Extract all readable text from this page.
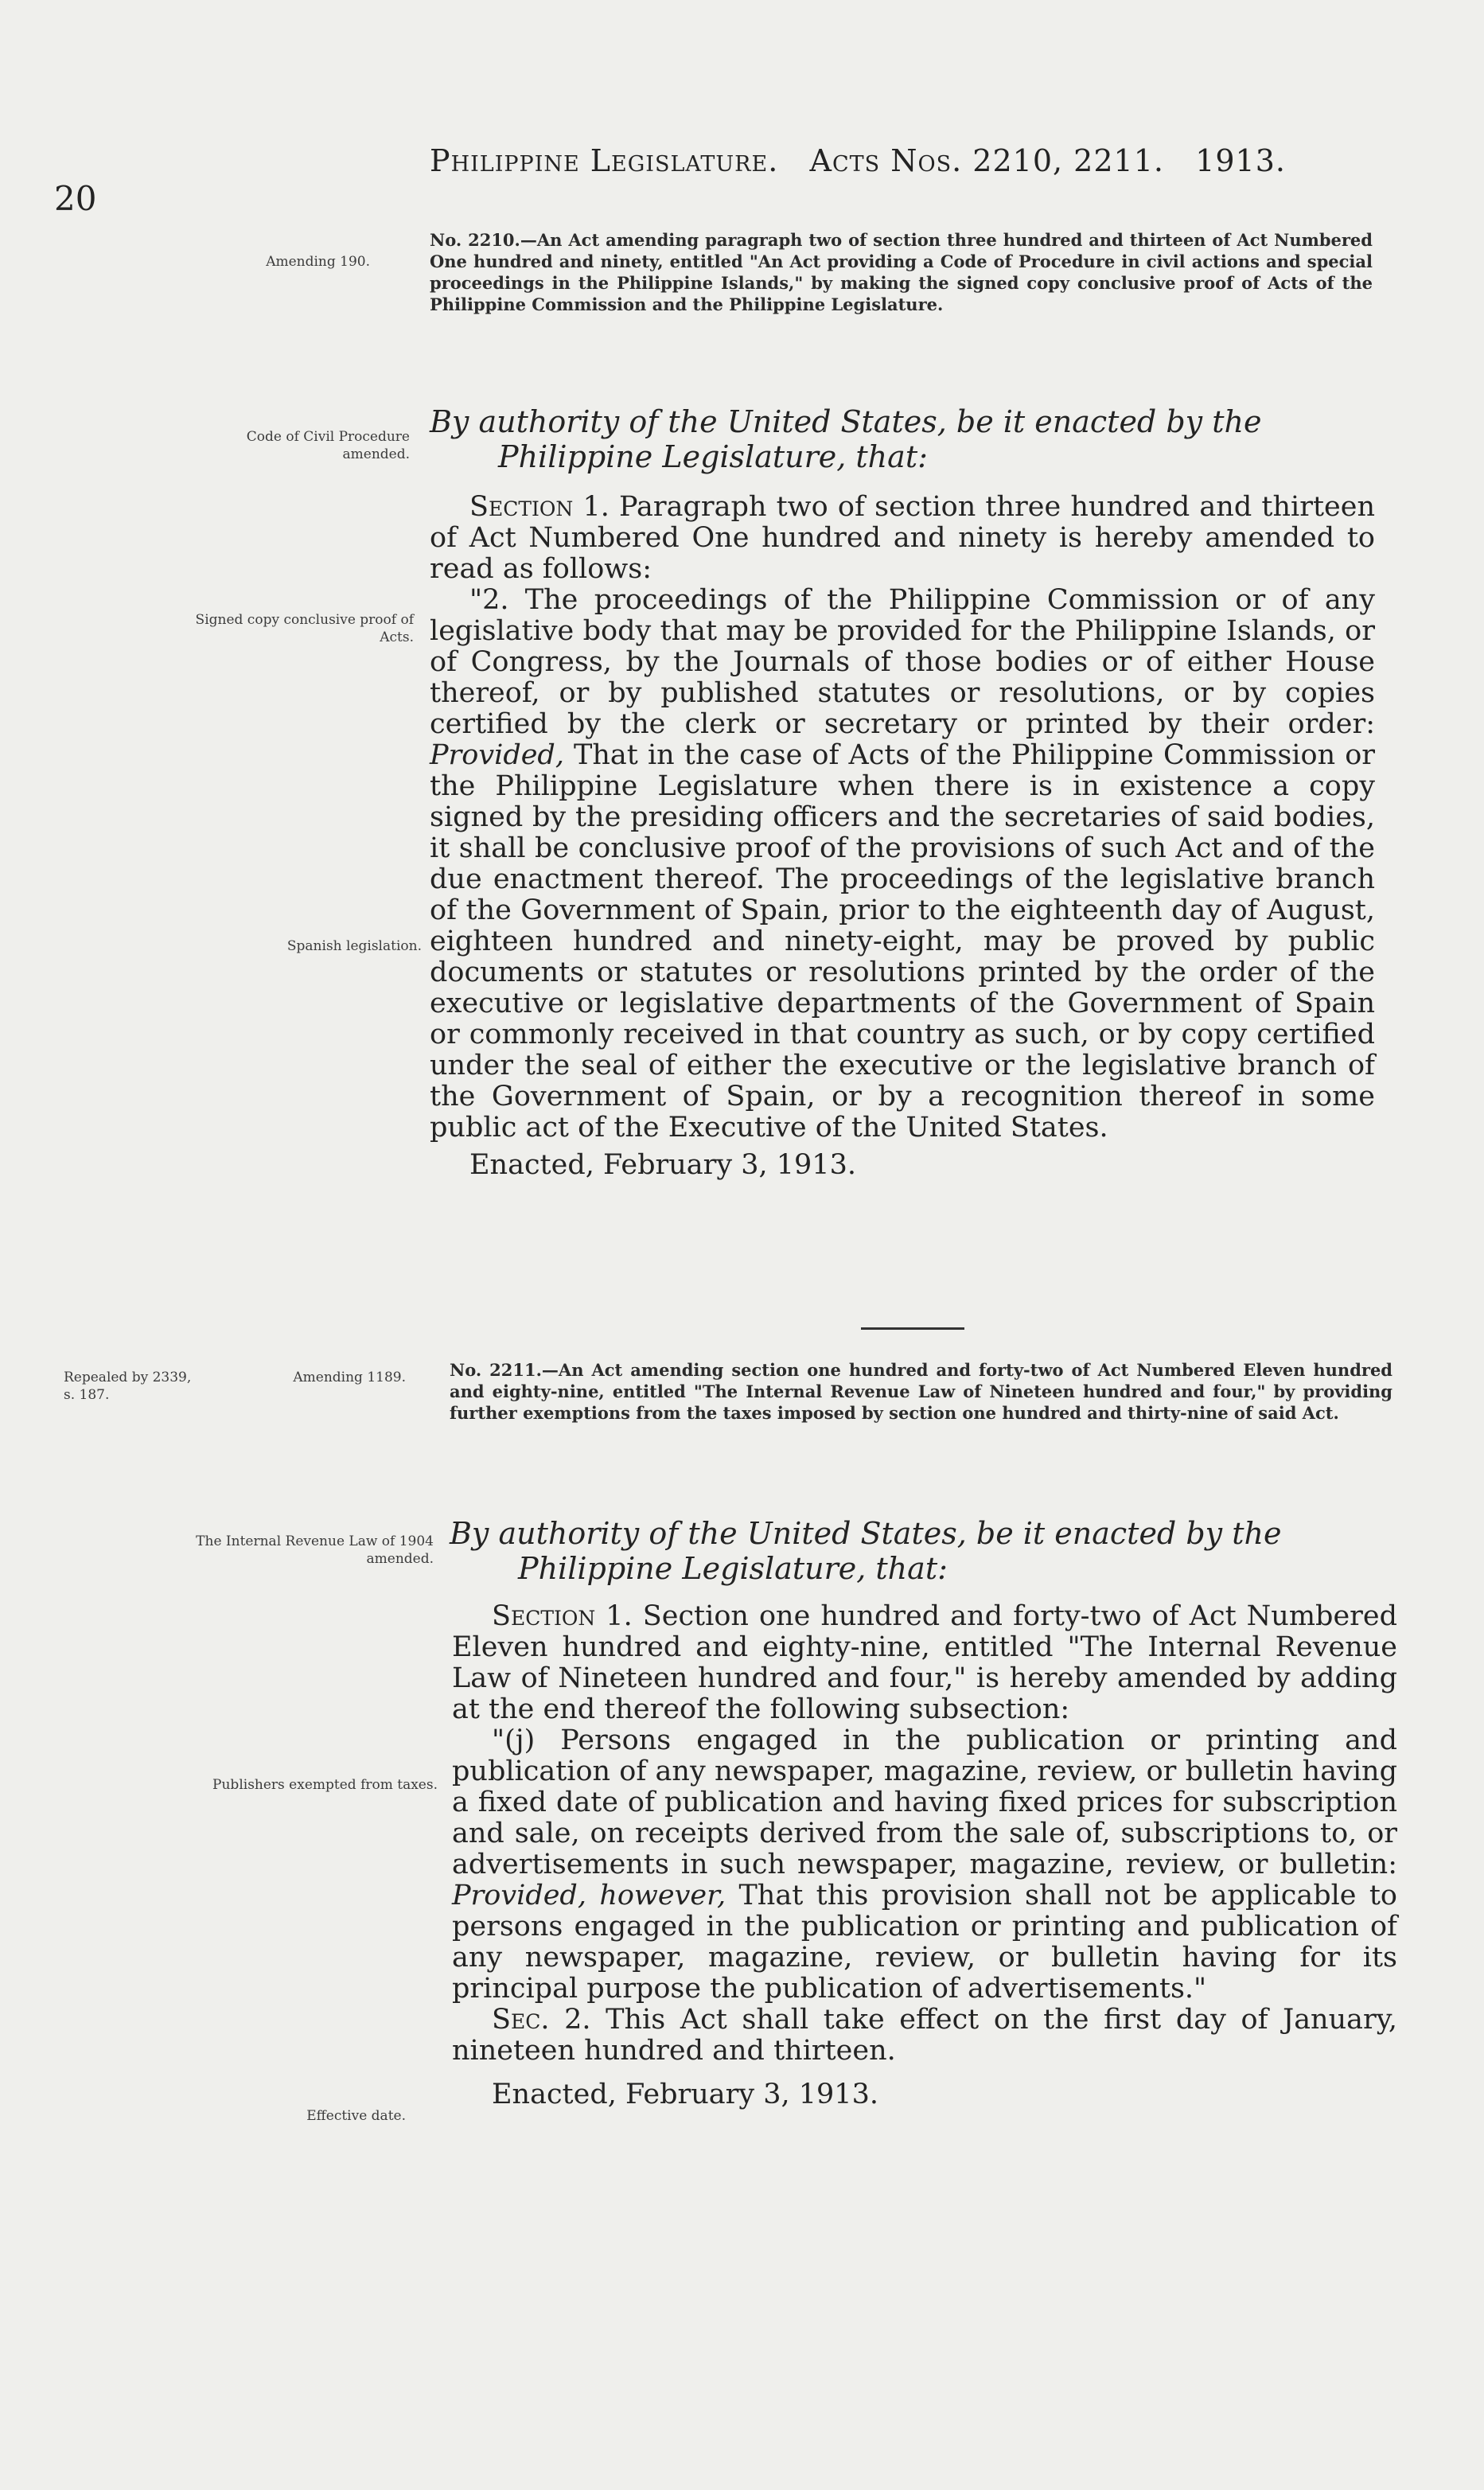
20
Philippine Legislature. Acts Nos. 2210, 2211. 1913.
Amending 190.
No. 2210.—An Act amending paragraph two of section three hundred and thirteen of Act Numbered One hundred and ninety, entitled "An Act providing a Code of Procedure in civil actions and special proceedings in the Philippine Islands," by making the signed copy conclusive proof of Acts of the Philippine Commission and the Philippine Legislature.
Code of Civil Procedure amended.
By authority of the United States, be it enacted by the
Philippine Legislature, that:
Signed copy conclusive proof of Acts.
Spanish legislation.

Section 1. Paragraph two of section three hundred and thirteen of Act Numbered One hundred and ninety is hereby amended to read as follows:

"2. The proceedings of the Philippine Commission or of any legislative body that may be provided for the Philippine Islands, or of Congress, by the Journals of those bodies or of either House thereof, or by published statutes or resolutions, or by copies certified by the clerk or secretary or printed by their order: Provided, That in the case of Acts of the Philippine Commission or the Philippine Legislature when there is in existence a copy signed by the presiding officers and the secretaries of said bodies, it shall be conclusive proof of the provisions of such Act and of the due enactment thereof. The proceedings of the legislative branch of the Government of Spain, prior to the eighteenth day of August, eighteen hundred and ninety-eight, may be proved by public documents or statutes or resolutions printed by the order of the executive or legislative departments of the Government of Spain or commonly received in that country as such, or by copy certified under the seal of either the executive or the legislative branch of the Government of Spain, or by a recognition thereof in some public act of the Executive of the United States.

Enacted, February 3, 1913.

Repealed by 2339, s. 187.
Amending 1189.	No. 2211.—An Act amending section one hundred and forty-two of Act Numbered Eleven hundred and eighty-nine, entitled "The Internal Revenue Law of Nineteen hundred and four," by providing further exemptions from the taxes imposed by section one hundred and thirty-nine of said Act.
The Internal Revenue Law of 1904 amended.
By authority of the United States, be it enacted by the
Philippine Legislature, that:
Publishers exempted from taxes.
Effective date.

Section 1. Section one hundred and forty-two of Act Numbered Eleven hundred and eighty-nine, entitled "The Internal Revenue Law of Nineteen hundred and four," is hereby amended by adding at the end thereof the following subsection:

"(j) Persons engaged in the publication or printing and publication of any newspaper, magazine, review, or bulletin having a fixed date of publication and having fixed prices for subscription and sale, on receipts derived from the sale of, subscriptions to, or advertisements in such newspaper, magazine, review, or bulletin: Provided, however, That this provision shall not be applicable to persons engaged in the publication or printing and publication of any newspaper, magazine, review, or bulletin having for its principal purpose the publication of advertisements."

Sec. 2. This Act shall take effect on the first day of January, nineteen hundred and thirteen.

Enacted, February 3, 1913.
